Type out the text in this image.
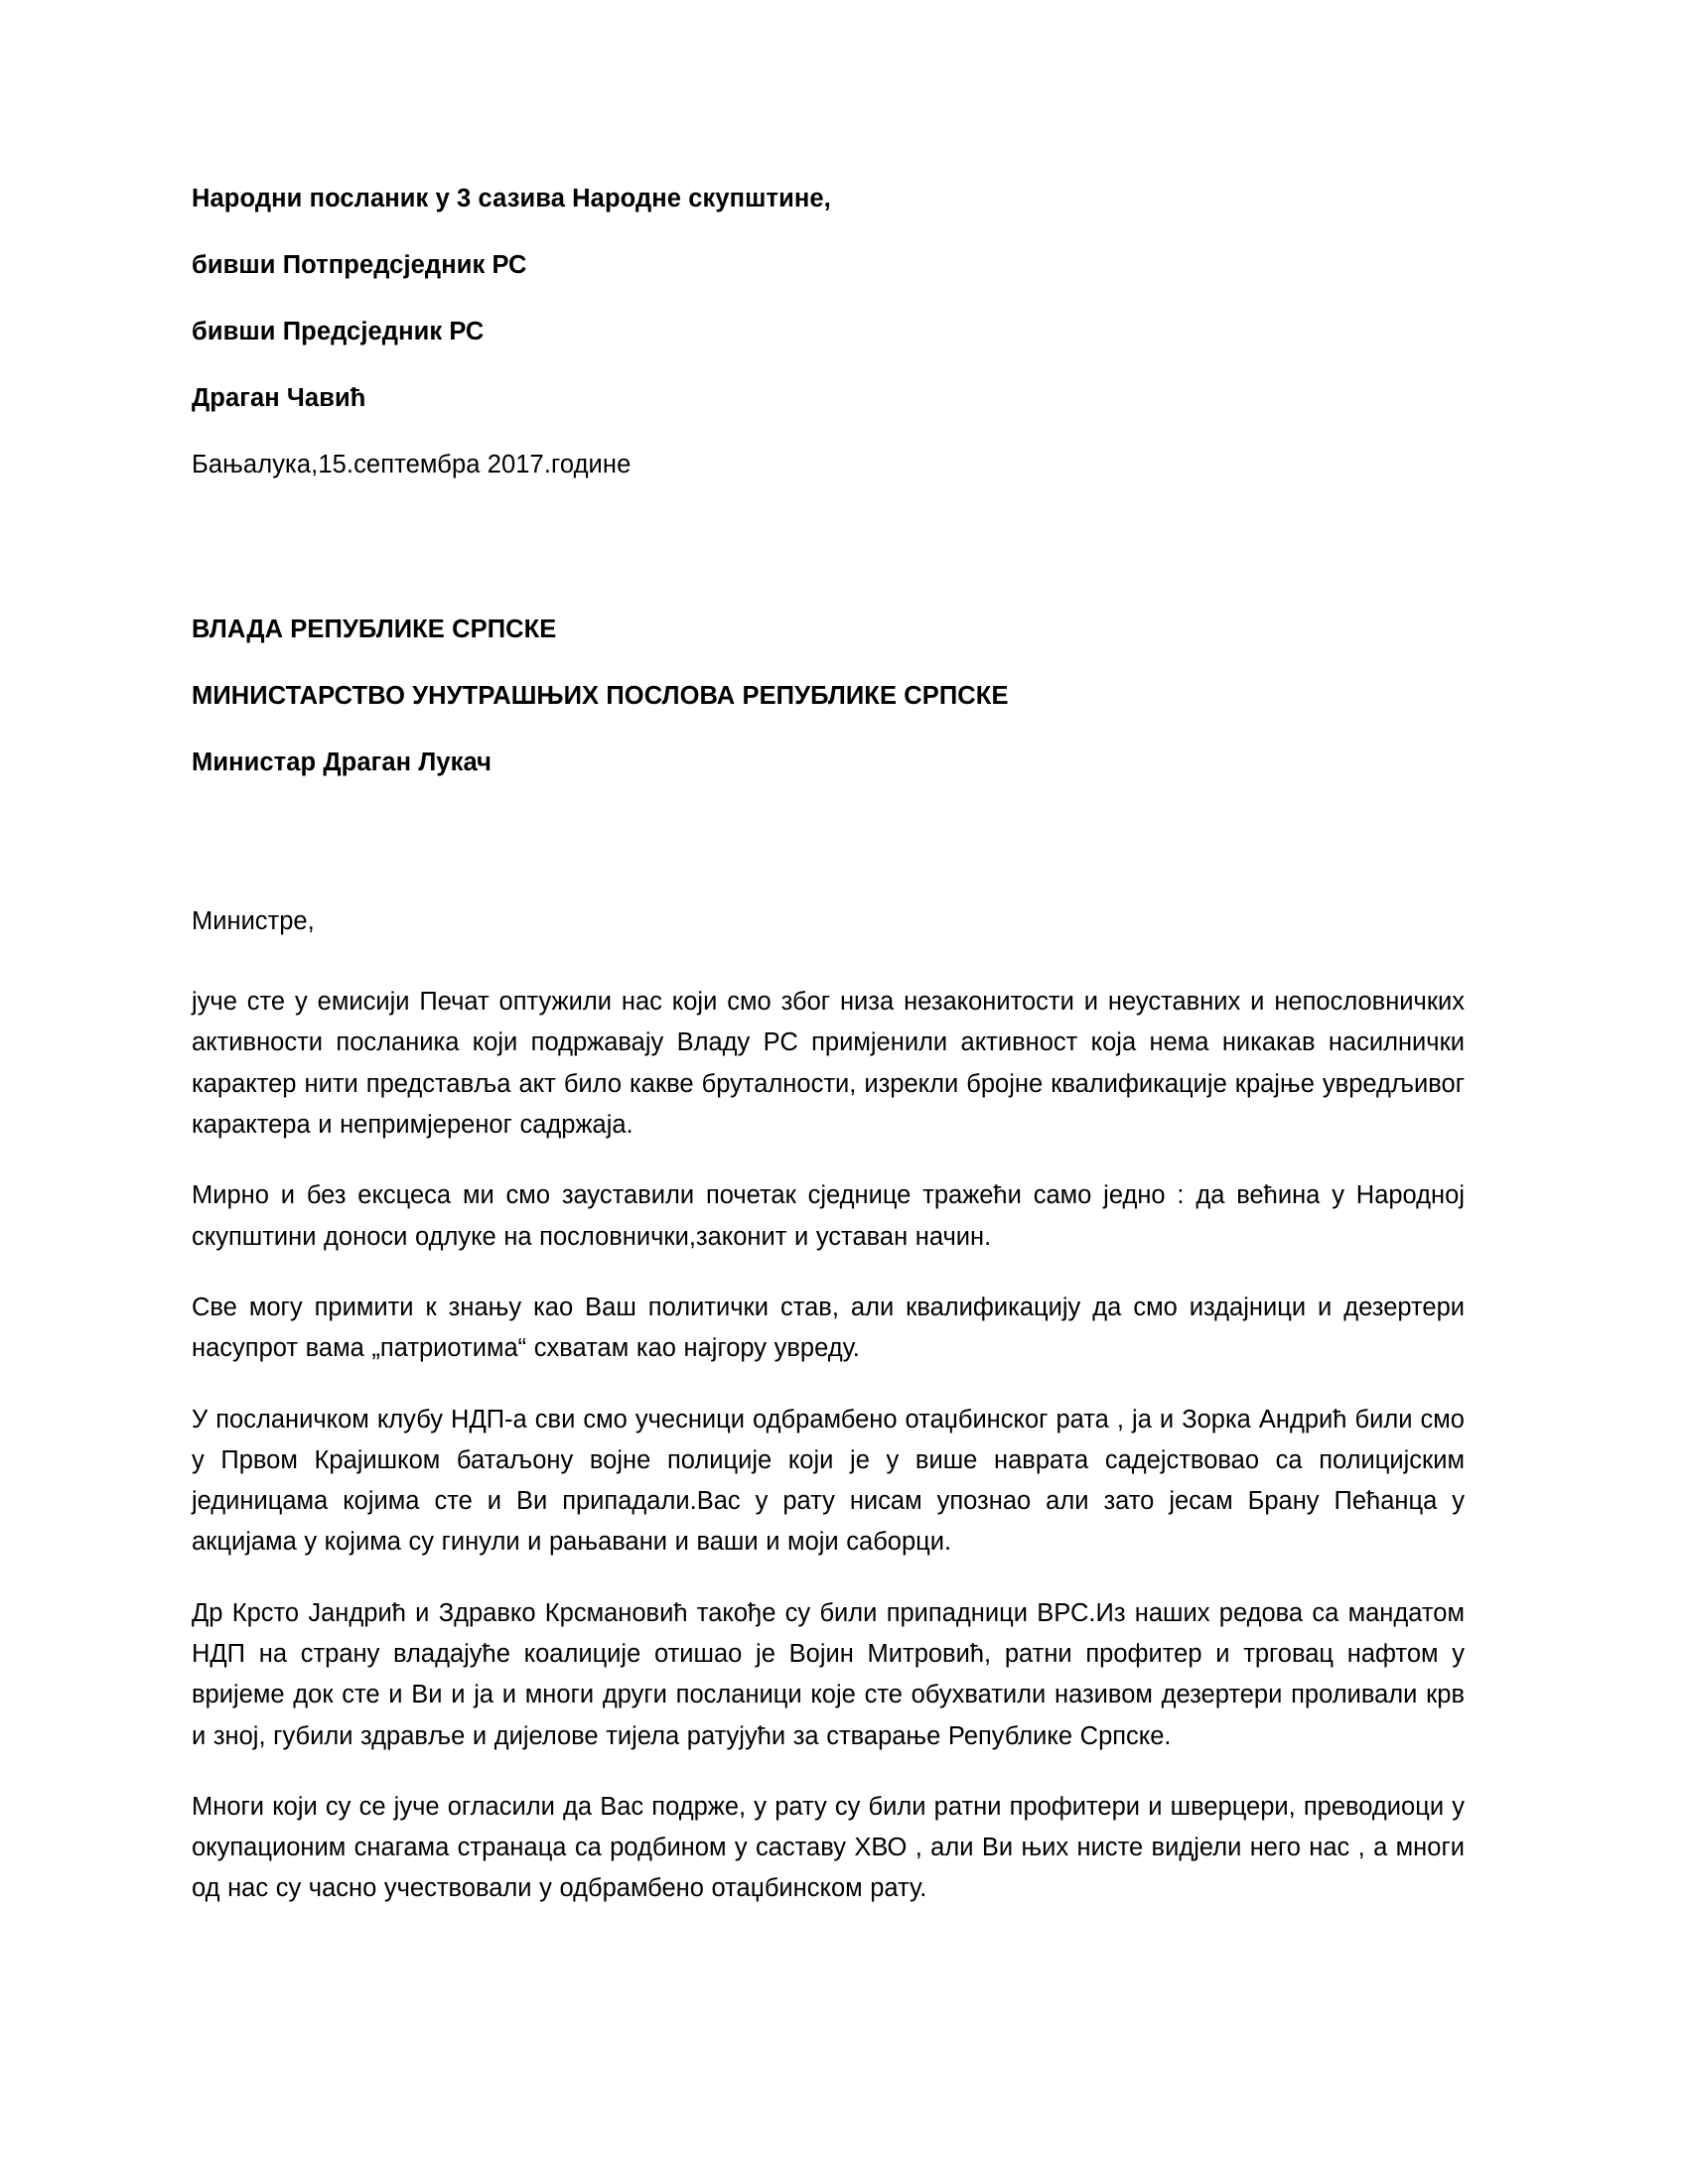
Народни посланик у 3 сазива Народне скупштине,

бивши Потпредсједник РС

бивши Предсједник РС

Драган Чавић

Бањалука,15.септембра 2017.године

ВЛАДА РЕПУБЛИКЕ СРПСКЕ

МИНИСТАРСТВО УНУТРАШЊИХ ПОСЛОВА РЕПУБЛИКЕ СРПСКЕ

Министар Драган Лукач

Министре,

јуче сте у емисији Печат оптужили нас који смо због низа незаконитости и неуставних и непословничких активности посланика који подржавају Владу РС примјенили активност која нема никакав насилнички карактер нити представља акт било какве бруталности, изрекли бројне квалификације крајње увредљивог карактера и непримјереног садржаја.

Мирно и без ексцеса ми смо зауставили почетак сједнице тражећи само једно : да већина у Народној скупштини доноси одлуке на пословнички,законит и уставан начин.

Све могу примити к знању као Ваш политички став, али квалификацију да смо издајници и дезертери насупрот вама „патриотима“ схватам као најгору увреду.

У посланичком клубу НДП-а сви смо учесници одбрамбено отаџбинског рата , ја и Зорка Андрић били смо у Првом Крајишком батаљону војне полиције који је у више наврата садејствовао са полицијским јединицама којима сте и Ви припадали.Вас у рату нисам упознао али зато јесам Брану Пећанца у акцијама у којима су гинули и рањавани и ваши и моји саборци.

Др Крсто Јандрић и Здравко Крсмановић такође су били припадници ВРС.Из наших редова са мандатом НДП на страну владајуће коалиције отишао је Војин Митровић, ратни профитер и трговац нафтом у вријеме док сте и Ви и ја и многи други посланици које сте обухватили називом дезертери проливали крв и зној, губили здравље и дијелове тијела ратујући за стварање Републике Српске.

Многи који су се јуче огласили да Вас подрже, у рату су били ратни профитери и шверцери, преводиоци у окупационим снагама странаца са родбином у саставу ХВО , али Ви њих нисте видјели него нас , а многи од нас су часно учествовали у одбрамбено отаџбинском рату.
